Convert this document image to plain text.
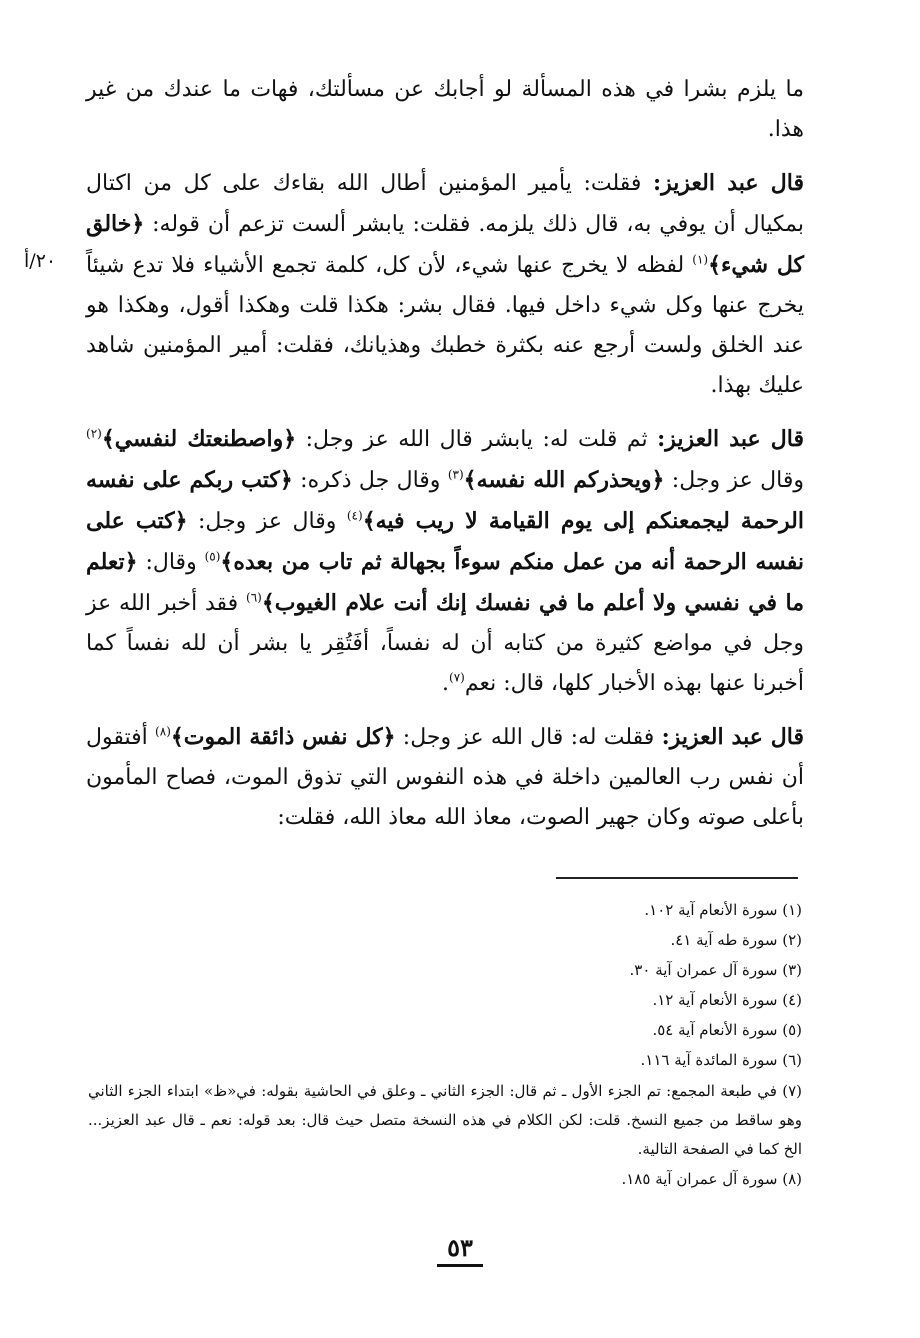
٢٠/أ

ما يلزم بشرا في هذه المسألة لو أجابك عن مسألتك، فهات ما عندك من غير هذا.

قال عبد العزيز: فقلت: يأمير المؤمنين أطال الله بقاءك على كل من اكتال بمكيال أن يوفي به، قال ذلك يلزمه. فقلت: يابشر ألست تزعم أن قوله: ﴿خالق كل شيء﴾$^{(١)}$ لفظه لا يخرج عنها شيء، لأن كل، كلمة تجمع الأشياء فلا تدع شيئاً يخرج عنها وكل شيء داخل فيها. فقال بشر: هكذا قلت وهكذا أقول، وهكذا هو عند الخلق ولست أرجع عنه بكثرة خطبك وهذيانك، فقلت: أمير المؤمنين شاهد عليك بهذا.

قال عبد العزيز: ثم قلت له: يابشر قال الله عز وجل: ﴿واصطنعتك لنفسي﴾$^{(٢)}$ وقال عز وجل: ﴿ويحذركم الله نفسه﴾$^{(٣)}$ وقال جل ذكره: ﴿كتب ربكم على نفسه الرحمة ليجمعنكم إلى يوم القيامة لا ريب فيه﴾$^{(٤)}$ وقال عز وجل: ﴿كتب على نفسه الرحمة أنه من عمل منكم سوءاً بجهالة ثم تاب من بعده﴾$^{(٥)}$ وقال: ﴿تعلم ما في نفسي ولا أعلم ما في نفسك إنك أنت علام الغيوب﴾$^{(٦)}$ فقد أخبر الله عز وجل في مواضع كثيرة من كتابه أن له نفساً، أفَتُقِر يا بشر أن لله نفساً كما أخبرنا عنها بهذه الأخبار كلها، قال: نعم$^{(٧)}$.

قال عبد العزيز: فقلت له: قال الله عز وجل: ﴿كل نفس ذائقة الموت﴾$^{(٨)}$ أفتقول أن نفس رب العالمين داخلة في هذه النفوس التي تذوق الموت، فصاح المأمون بأعلى صوته وكان جهير الصوت، معاذ الله معاذ الله، فقلت:

(١) سورة الأنعام آية ١٠٢.

(٢) سورة طه آية ٤١.

(٣) سورة آل عمران آية ٣٠.

(٤) سورة الأنعام آية ١٢.

(٥) سورة الأنعام آية ٥٤.

(٦) سورة المائدة آية ١١٦.

(٧) في طبعة المجمع: تم الجزء الأول ـ ثم قال: الجزء الثاني ـ وعلق في الحاشية بقوله: في«ظ» ابتداء الجزء الثاني وهو ساقط من جميع النسخ. قلت: لكن الكلام في هذه النسخة متصل حيث قال: بعد قوله: نعم ـ قال عبد العزيز... الخ كما في الصفحة التالية.

(٨) سورة آل عمران آية ١٨٥.

٥٣
